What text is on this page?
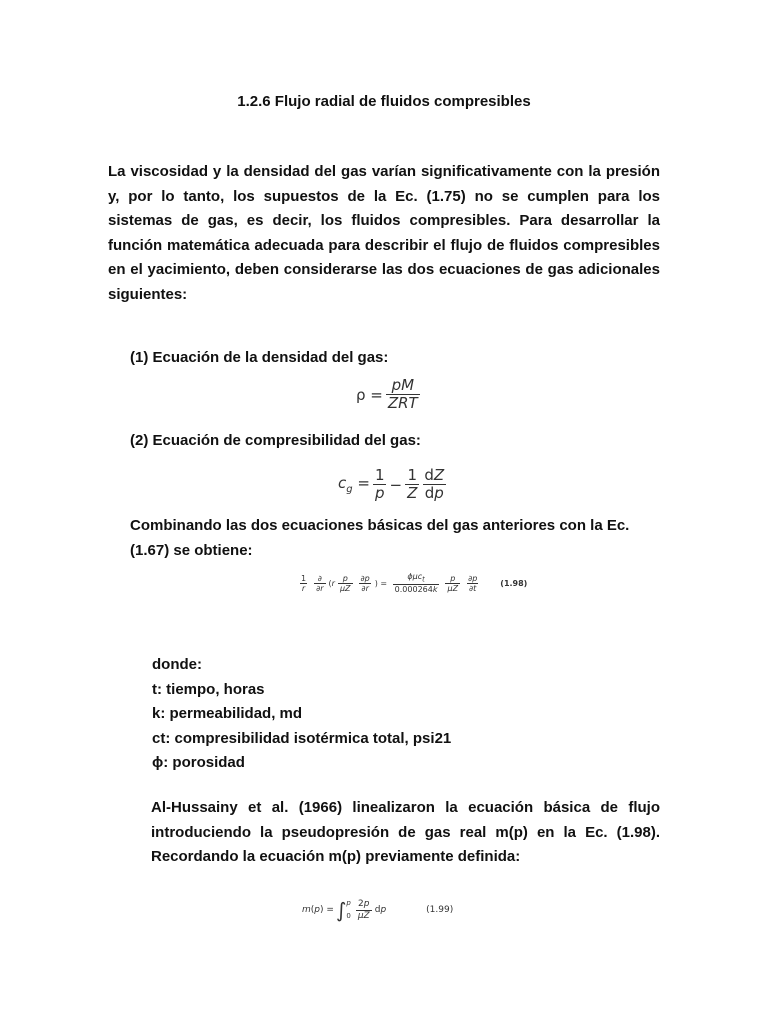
1.2.6 Flujo radial de fluidos compresibles
La viscosidad y la densidad del gas varían significativamente con la presión y, por lo tanto, los supuestos de la Ec. (1.75) no se cumplen para los sistemas de gas, es decir, los fluidos compresibles. Para desarrollar la función matemática adecuada para describir el flujo de fluidos compresibles en el yacimiento, deben considerarse las dos ecuaciones de gas adicionales siguientes:
(1) Ecuación de la densidad del gas:
$\rho = \frac{pM}{\text{ZRT}}$
(2) Ecuación de compresibilidad del gas:
$c_g = \frac{1}{p} - \frac{1}{Z} \frac{dZ}{dp}$
Combinando las dos ecuaciones básicas del gas anteriores con la Ec. (1.67) se obtiene:
$\frac{1}{r} \frac{\partial}{\partial r}$ ( r $\frac{p}{\mu Z} \frac{\partial p}{\partial r}$ ) = $\frac{\phi\mu c_t}{0.000264k} \frac{p}{\mu Z} \frac{\partial p}{\partial t}$	(1.98)
donde:
t: tiempo, horas
k: permeabilidad, md
ct: compresibilidad isotérmica total, psi21
ϕ: porosidad
Al-Hussainy et al. (1966) linealizaron la ecuación básica de flujo introduciendo la pseudopresión de gas real m(p) en la Ec. (1.98). Recordando la ecuación m(p) previamente definida:
m(p) = ∫ p
$0 \frac{2p}{\mu Z}$ dp	(1.99)
